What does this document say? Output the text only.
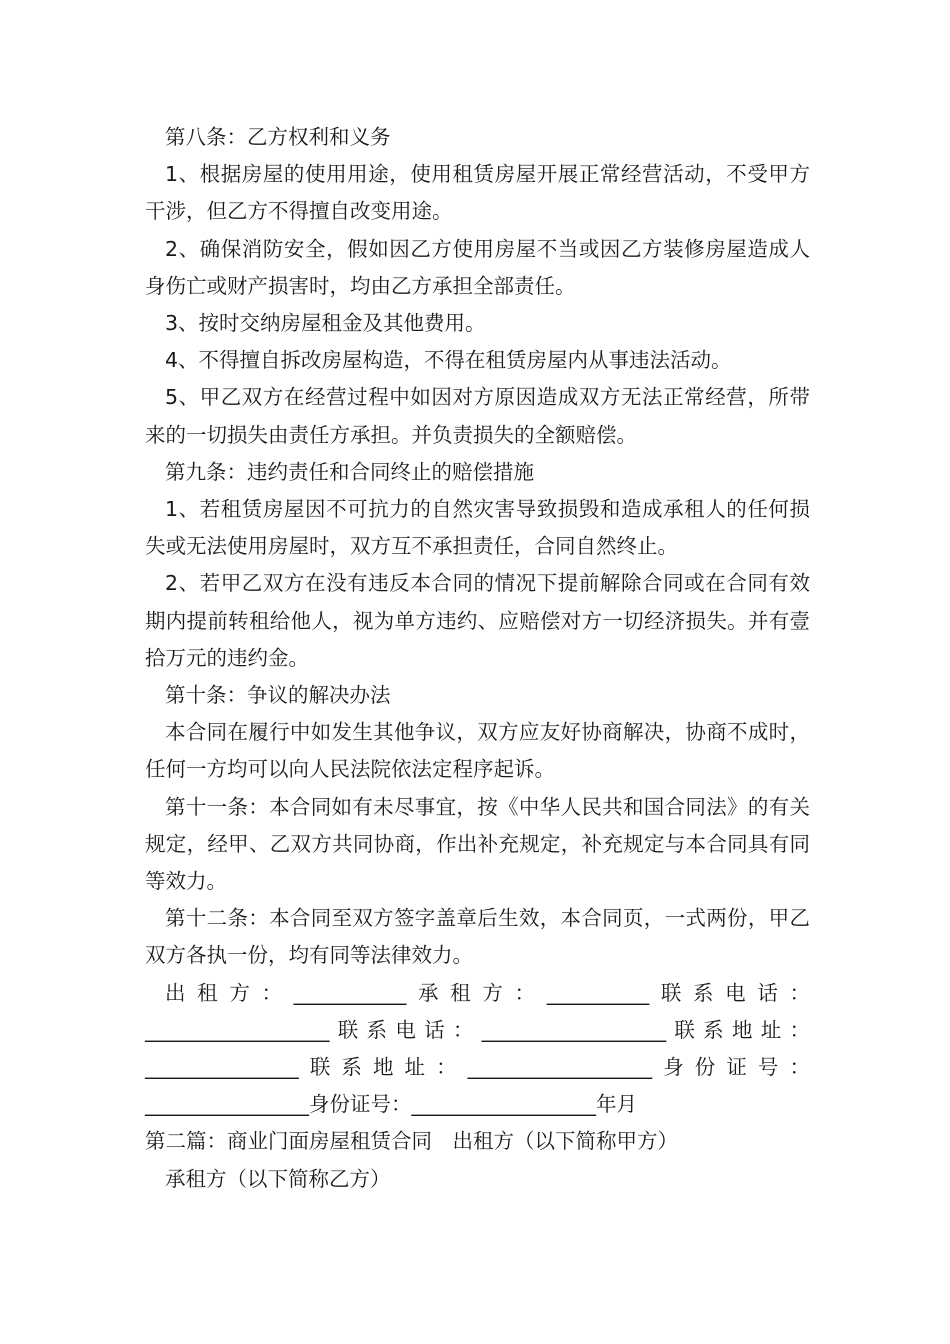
第八条：乙方权利和义务

1、根据房屋的使用用途，使用租赁房屋开展正常经营活动，不受甲方干涉，但乙方不得擅自改变用途。

2、确保消防安全，假如因乙方使用房屋不当或因乙方装修房屋造成人身伤亡或财产损害时，均由乙方承担全部责任。

3、按时交纳房屋租金及其他费用。

4、不得擅自拆改房屋构造，不得在租赁房屋内从事违法活动。

5、甲乙双方在经营过程中如因对方原因造成双方无法正常经营，所带来的一切损失由责任方承担。并负责损失的全额赔偿。

第九条：违约责任和合同终止的赔偿措施

1、若租赁房屋因不可抗力的自然灾害导致损毁和造成承租人的任何损失或无法使用房屋时，双方互不承担责任，合同自然终止。

2、若甲乙双方在没有违反本合同的情况下提前解除合同或在合同有效期内提前转租给他人，视为单方违约、应赔偿对方一切经济损失。并有壹拾万元的违约金。

第十条：争议的解决办法

本合同在履行中如发生其他争议，双方应友好协商解决，协商不成时，任何一方均可以向人民法院依法定程序起诉。

第十一条：本合同如有未尽事宜，按《中华人民共和国合同法》的有关规定，经甲、乙双方共同协商，作出补充规定，补充规定与本合同具有同等效力。

第十二条：本合同至双方签字盖章后生效，本合同页，一式两份，甲乙双方各执一份，均有同等法律效力。

出租方：___________承租方：__________联系电话：__________________联系电话：__________________联系地址：_______________联系地址：__________________身份证号：________________身份证号：__________________年月

第二篇：商业门面房屋租赁合同　出租方（以下简称甲方）

承租方（以下简称乙方）
